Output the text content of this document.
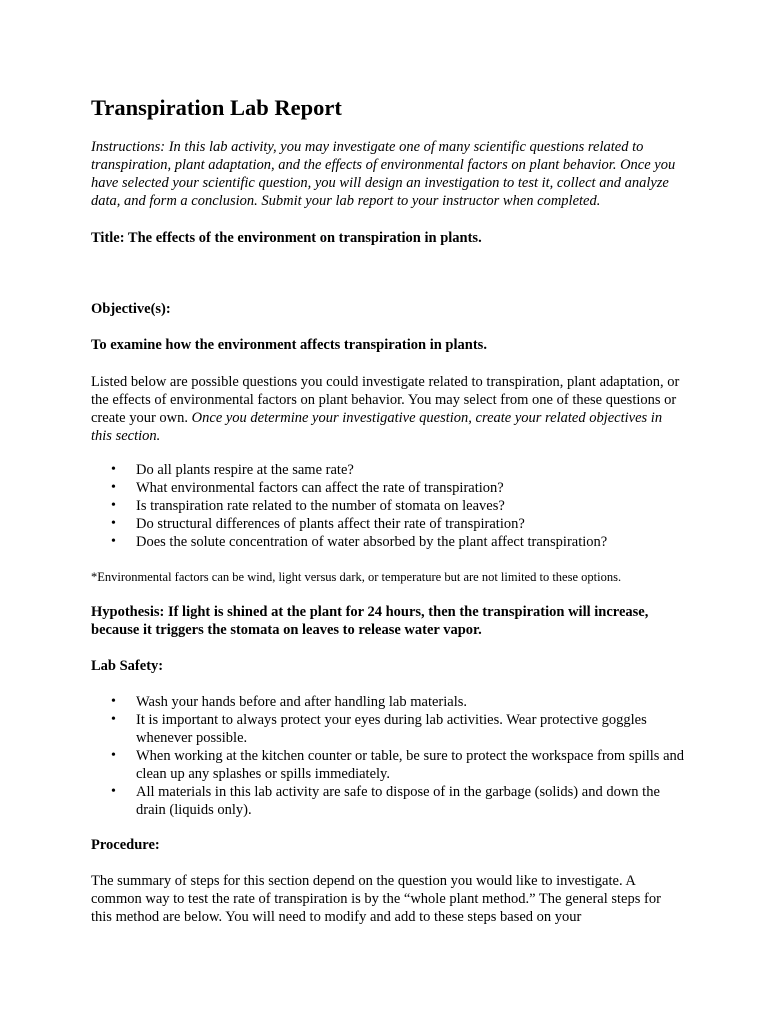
Transpiration Lab Report

Instructions: In this lab activity, you may investigate one of many scientific questions related to transpiration, plant adaptation, and the effects of environmental factors on plant behavior. Once you have selected your scientific question, you will design an investigation to test it, collect and analyze data, and form a conclusion. Submit your lab report to your instructor when completed.

Title: The effects of the environment on transpiration in plants.

Objective(s):

To examine how the environment affects transpiration in plants.

Listed below are possible questions you could investigate related to transpiration, plant adaptation, or the effects of environmental factors on plant behavior. You may select from one of these questions or create your own. Once you determine your investigative question, create your related objectives in this section.

• Do all plants respire at the same rate?
• What environmental factors can affect the rate of transpiration?
• Is transpiration rate related to the number of stomata on leaves?
• Do structural differences of plants affect their rate of transpiration?
• Does the solute concentration of water absorbed by the plant affect transpiration?

*Environmental factors can be wind, light versus dark, or temperature but are not limited to these options.

Hypothesis: If light is shined at the plant for 24 hours, then the transpiration will increase, because it triggers the stomata on leaves to release water vapor.

Lab Safety:

• Wash your hands before and after handling lab materials.
• It is important to always protect your eyes during lab activities. Wear protective goggles whenever possible.
• When working at the kitchen counter or table, be sure to protect the workspace from spills and clean up any splashes or spills immediately.
• All materials in this lab activity are safe to dispose of in the garbage (solids) and down the drain (liquids only).

Procedure:

The summary of steps for this section depend on the question you would like to investigate. A common way to test the rate of transpiration is by the “whole plant method.” The general steps for this method are below. You will need to modify and add to these steps based on your
